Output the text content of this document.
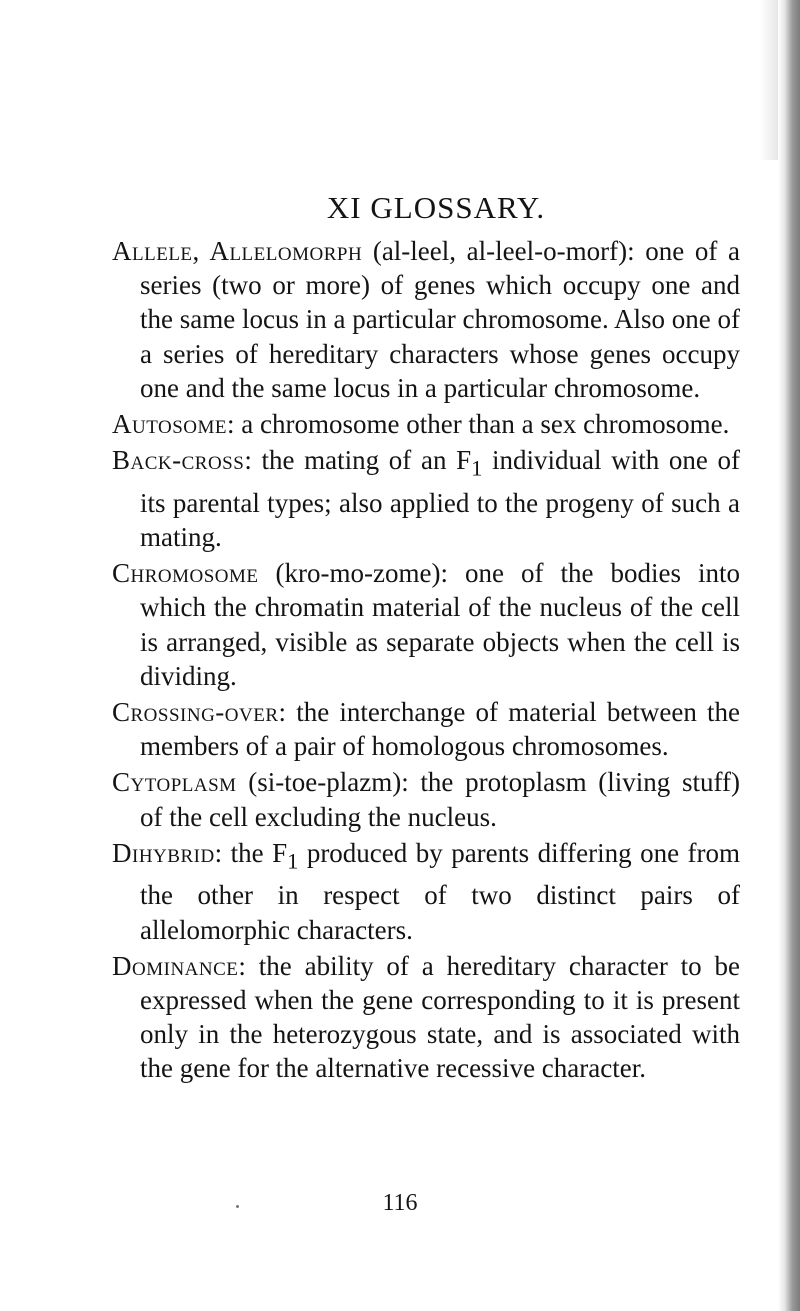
XI GLOSSARY.

Allele, Allelomorph (al-leel, al-leel-o-morf): one of a series (two or more) of genes which occupy one and the same locus in a particular chromosome. Also one of a series of hereditary characters whose genes occupy one and the same locus in a particular chromosome.

Autosome: a chromosome other than a sex chromosome.

Back-cross: the mating of an $F_1$ individual with one of its parental types; also applied to the progeny of such a mating.

Chromosome (kro-mo-zome): one of the bodies into which the chromatin material of the nucleus of the cell is arranged, visible as separate objects when the cell is dividing.

Crossing-over: the interchange of material between the members of a pair of homologous chromosomes.

Cytoplasm (si-toe-plazm): the protoplasm (living stuff) of the cell excluding the nucleus.

Dihybrid: the $F_1$ produced by parents differing one from the other in respect of two distinct pairs of allelomorphic characters.

Dominance: the ability of a hereditary character to be expressed when the gene corresponding to it is present only in the heterozygous state, and is associated with the gene for the alternative recessive character.

116
